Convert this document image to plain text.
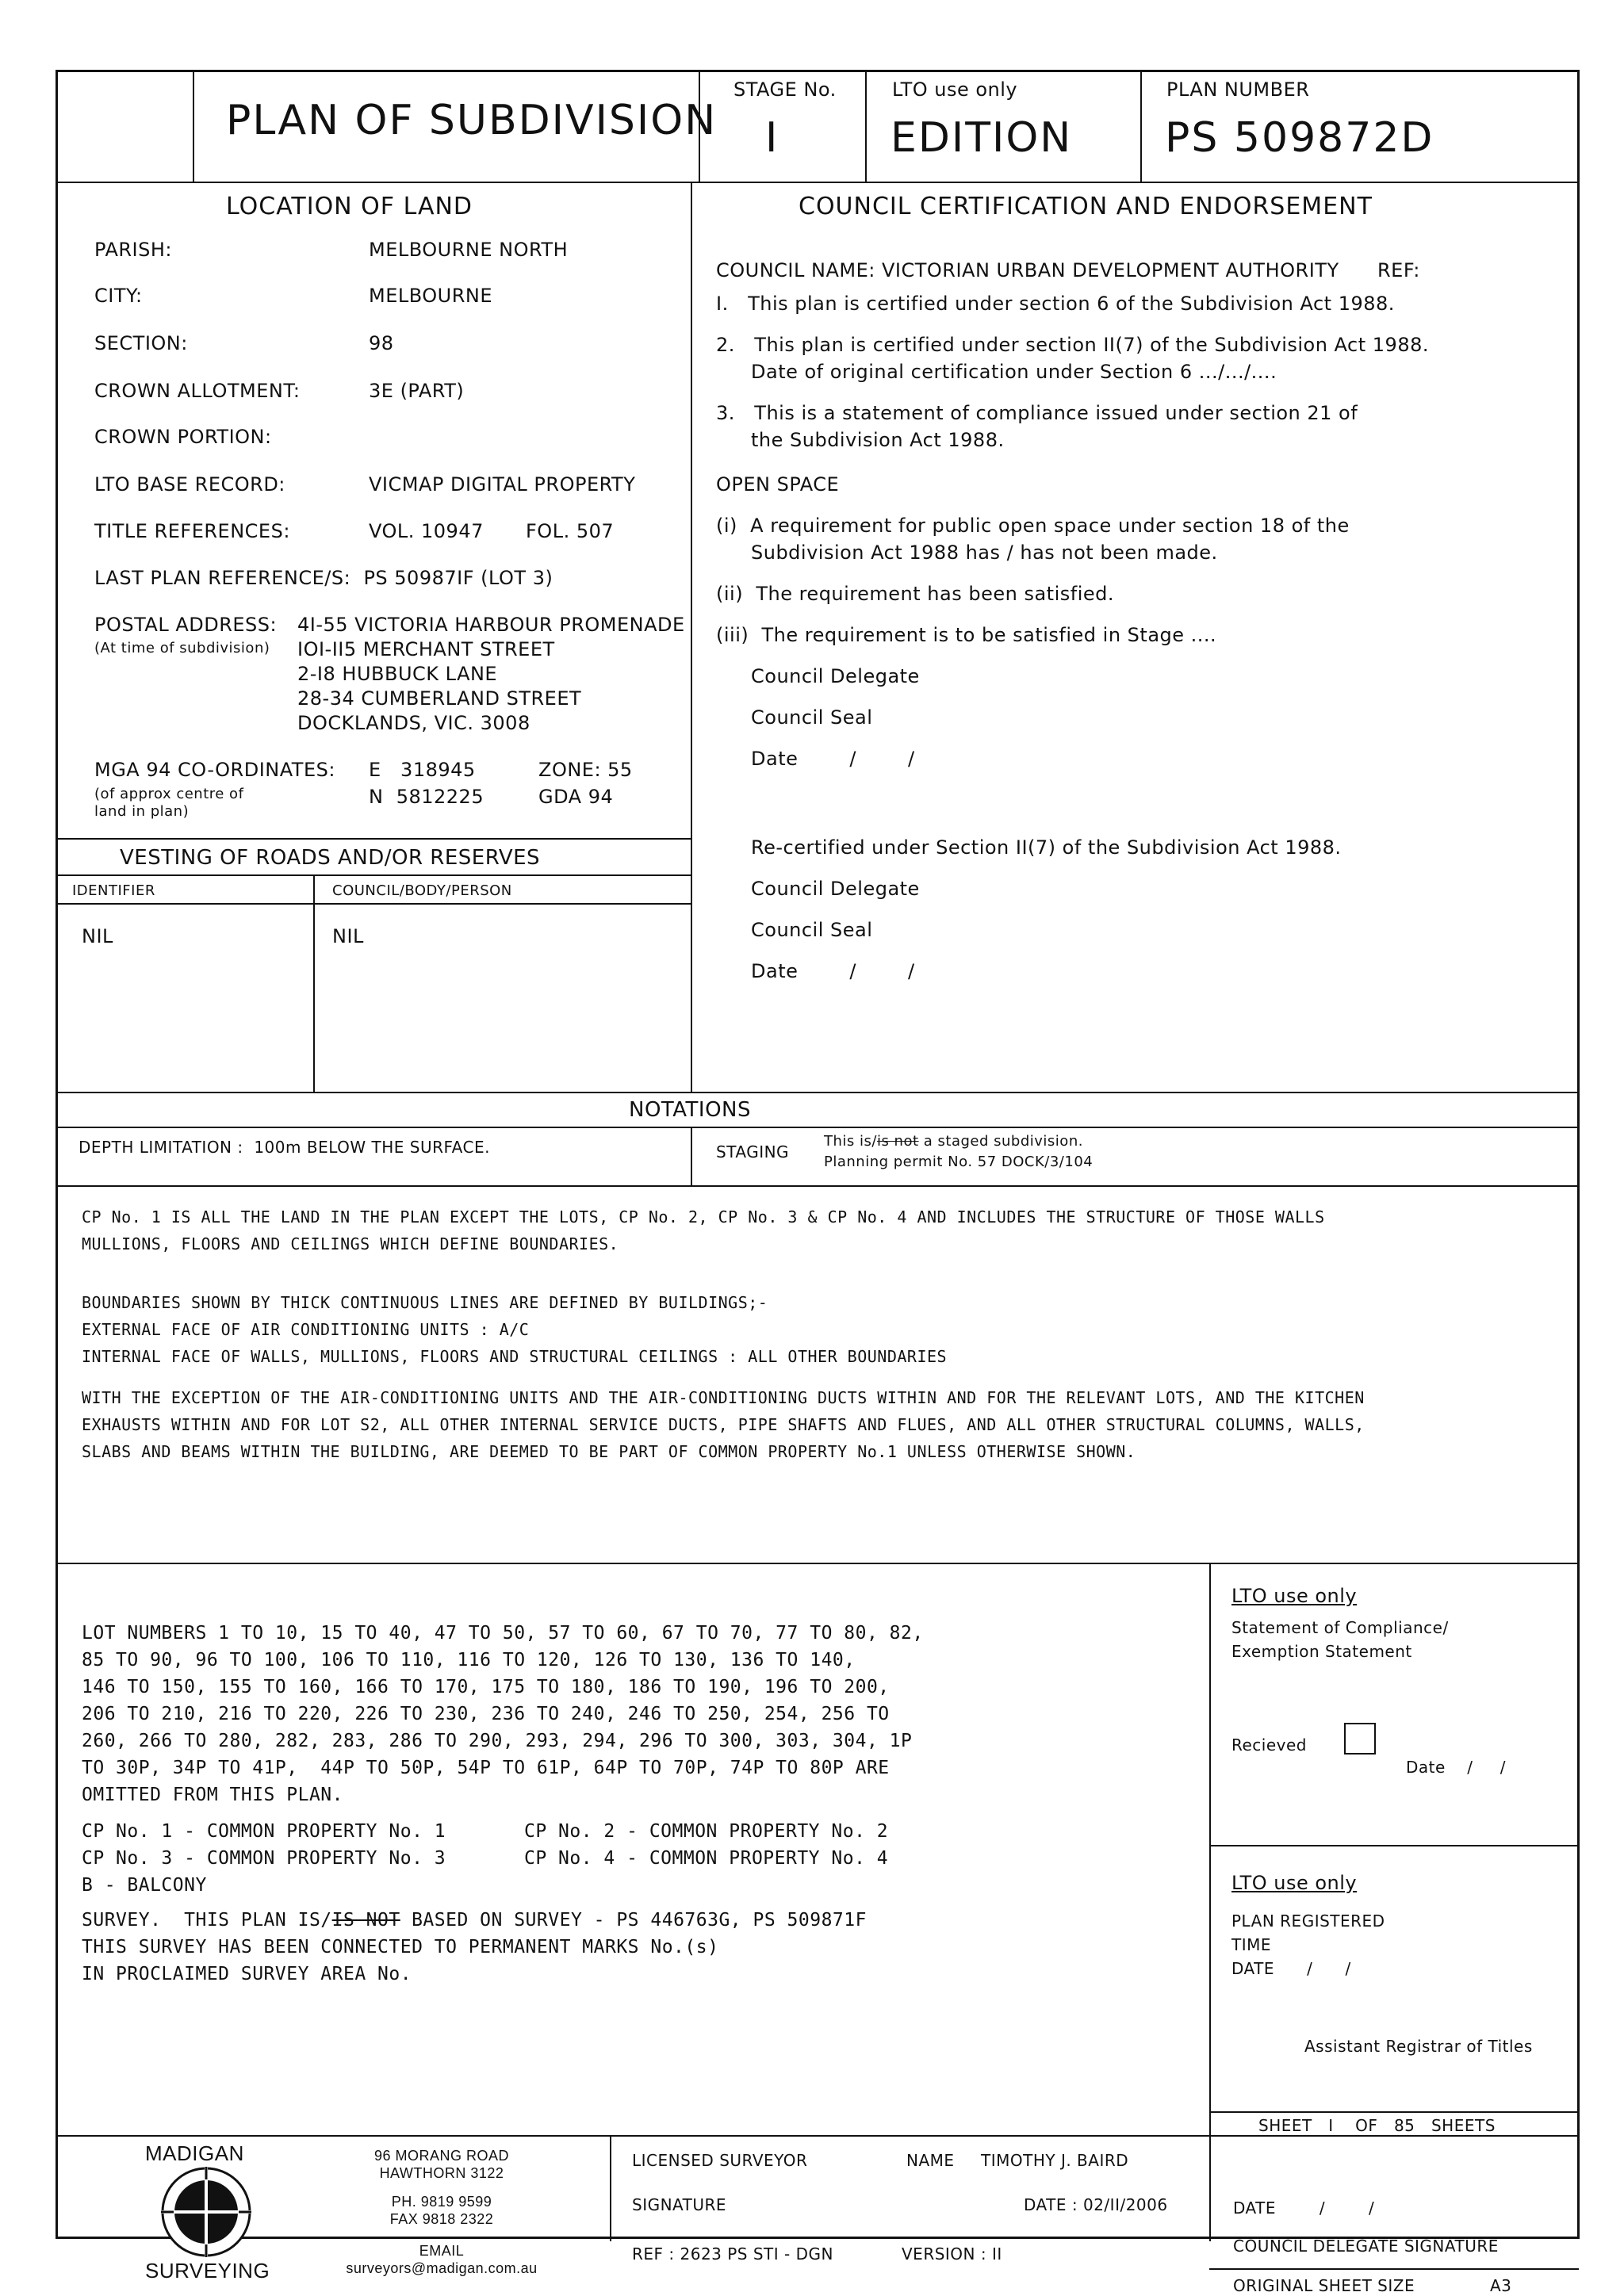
PLAN OF SUBDIVISION
STAGE No.
I
LTO use only
EDITION
PLAN NUMBER
PS 509872D
LOCATION OF LAND
PARISH:	MELBOURNE NORTH
CITY:	MELBOURNE
SECTION:	98
CROWN ALLOTMENT:	3E (PART)
CROWN PORTION:
LTO BASE RECORD:	VICMAP DIGITAL PROPERTY
TITLE REFERENCES:	VOL. 10947 FOL. 507
LAST PLAN REFERENCE/S:  PS 50987IF (LOT 3)
POSTAL ADDRESS:
(At time of subdivision)
4I-55 VICTORIA HARBOUR PROMENADE
IOI-II5 MERCHANT STREET
2-I8 HUBBUCK LANE
28-34 CUMBERLAND STREET
DOCKLANDS, VIC. 3008
MGA 94 CO-ORDINATES:
(of approx centre of
land in plan)
E   318945
N  5812225
ZONE: 55
GDA 94
VESTING OF ROADS AND/OR RESERVES
IDENTIFIER	COUNCIL/BODY/PERSON
NIL	NIL
COUNCIL CERTIFICATION AND ENDORSEMENT
COUNCIL NAME: VICTORIAN URBAN DEVELOPMENT AUTHORITY REF:
I.   This plan is certified under section 6 of the Subdivision Act 1988.
2.   This plan is certified under section II(7) of the Subdivision Act 1988.
Date of original certification under Section 6 .../.../....
3.   This is a statement of compliance issued under section 21 of
the Subdivision Act 1988.
OPEN SPACE
(i)  A requirement for public open space under section 18 of the
Subdivision Act 1988 has / has not been made.
(ii)  The requirement has been satisfied.
(iii)  The requirement is to be satisfied in Stage ....
Council Delegate
Council Seal
Date        /        /
Re-certified under Section II(7) of the Subdivision Act 1988.
Council Delegate
Council Seal
Date        /        /
NOTATIONS
DEPTH LIMITATION :  100m BELOW THE SURFACE.	STAGING
This is/is not a staged subdivision.
Planning permit No. 57 DOCK/3/104
CP No. 1 IS ALL THE LAND IN THE PLAN EXCEPT THE LOTS, CP No. 2, CP No. 3 & CP No. 4 AND INCLUDES THE STRUCTURE OF THOSE WALLS
MULLIONS, FLOORS AND CEILINGS WHICH DEFINE BOUNDARIES.
BOUNDARIES SHOWN BY THICK CONTINUOUS LINES ARE DEFINED BY BUILDINGS;-
EXTERNAL FACE OF AIR CONDITIONING UNITS : A/C
INTERNAL FACE OF WALLS, MULLIONS, FLOORS AND STRUCTURAL CEILINGS : ALL OTHER BOUNDARIES
WITH THE EXCEPTION OF THE AIR-CONDITIONING UNITS AND THE AIR-CONDITIONING DUCTS WITHIN AND FOR THE RELEVANT LOTS, AND THE KITCHEN
EXHAUSTS WITHIN AND FOR LOT S2, ALL OTHER INTERNAL SERVICE DUCTS, PIPE SHAFTS AND FLUES, AND ALL OTHER STRUCTURAL COLUMNS, WALLS,
SLABS AND BEAMS WITHIN THE BUILDING, ARE DEEMED TO BE PART OF COMMON PROPERTY No.1 UNLESS OTHERWISE SHOWN.
LOT NUMBERS 1 TO 10, 15 TO 40, 47 TO 50, 57 TO 60, 67 TO 70, 77 TO 80, 82,
85 TO 90, 96 TO 100, 106 TO 110, 116 TO 120, 126 TO 130, 136 TO 140,
146 TO 150, 155 TO 160, 166 TO 170, 175 TO 180, 186 TO 190, 196 TO 200,
206 TO 210, 216 TO 220, 226 TO 230, 236 TO 240, 246 TO 250, 254, 256 TO
260, 266 TO 280, 282, 283, 286 TO 290, 293, 294, 296 TO 300, 303, 304, 1P
TO 30P, 34P TO 41P,  44P TO 50P, 54P TO 61P, 64P TO 70P, 74P TO 80P ARE
OMITTED FROM THIS PLAN.
CP No. 1 - COMMON PROPERTY No. 1	CP No. 2 - COMMON PROPERTY No. 2
CP No. 3 - COMMON PROPERTY No. 3	CP No. 4 - COMMON PROPERTY No. 4
B - BALCONY
SURVEY.  THIS PLAN IS/IS NOT BASED ON SURVEY - PS 446763G, PS 509871F
THIS SURVEY HAS BEEN CONNECTED TO PERMANENT MARKS No.(s)
IN PROCLAIMED SURVEY AREA No.
LTO use only
Statement of Compliance/
Exemption Statement
Recieved
Date    /     /
LTO use only
PLAN REGISTERED
TIME
DATE      /      /
Assistant Registrar of Titles
SHEET   I    OF   85   SHEETS
MADIGAN
SURVEYING
96 MORANG ROAD
HAWTHORN 3122
PH. 9819 9599
FAX 9818 2322
EMAIL
surveyors@madigan.com.au
LICENSED SURVEYOR	NAME TIMOTHY J. BAIRD
SIGNATURE	DATE : 02/II/2006
REF : 2623 PS STI - DGN	VERSION : II
DATE        /        /
COUNCIL DELEGATE SIGNATURE
ORIGINAL SHEET SIZE	A3
